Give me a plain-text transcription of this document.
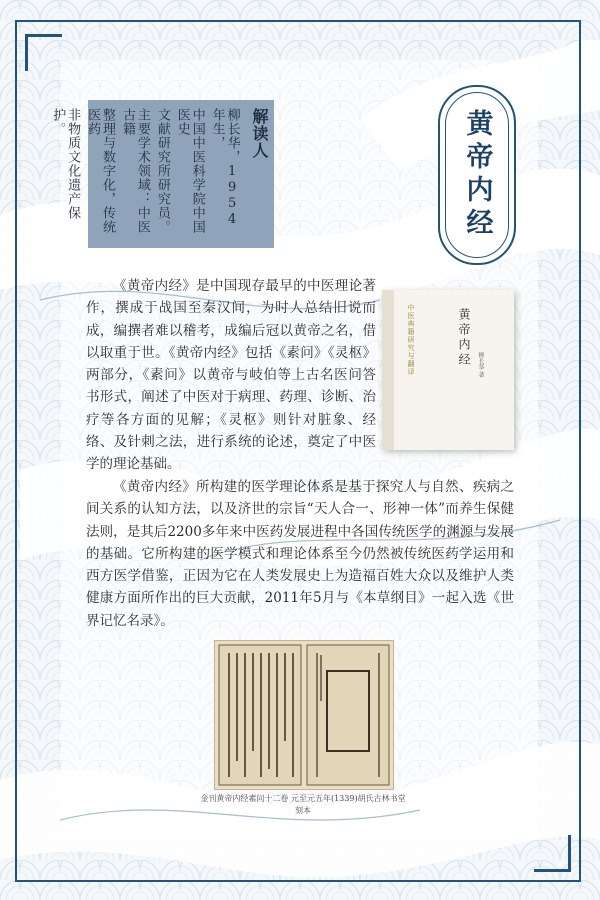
解读人
柳长华，1954年生，
中国中医科学院中国医史
文献研究所研究员。
主要学术领域：中医古籍
整理与数字化，传统医药
非物质文化遗产保护。	黄帝内经
中医典籍研究与翻译	黄帝内经	柳长华 著

《黄帝内经》是中国现存最早的中医理论著作，撰成于战国至秦汉间，为时人总结旧说而成，编撰者难以稽考，成编后冠以黄帝之名，借以取重于世。《黄帝内经》包括《素问》《灵枢》两部分，《素问》以黄帝与岐伯等上古名医问答书形式，阐述了中医对于病理、药理、诊断、治疗等各方面的见解；《灵枢》则针对脏象、经络、及针刺之法，进行系统的论述，奠定了中医学的理论基础。

《黄帝内经》所构建的医学理论体系是基于探究人与自然、疾病之间关系的认知方法，以及济世的宗旨“天人合一、形神一体”而养生保健法则，是其后2200多年来中医药发展进程中各国传统医学的渊源与发展的基础。它所构建的医学模式和理论体系至今仍然被传统医药学运用和西方医学借鉴，正因为它在人类发展史上为造福百姓大众以及维护人类健康方面所作出的巨大贡献，2011年5月与《本草纲目》一起入选《世界记忆名录》。

金刊黄帝内经素问十二卷 元至元五年(1339)胡氏古林书堂刻本
